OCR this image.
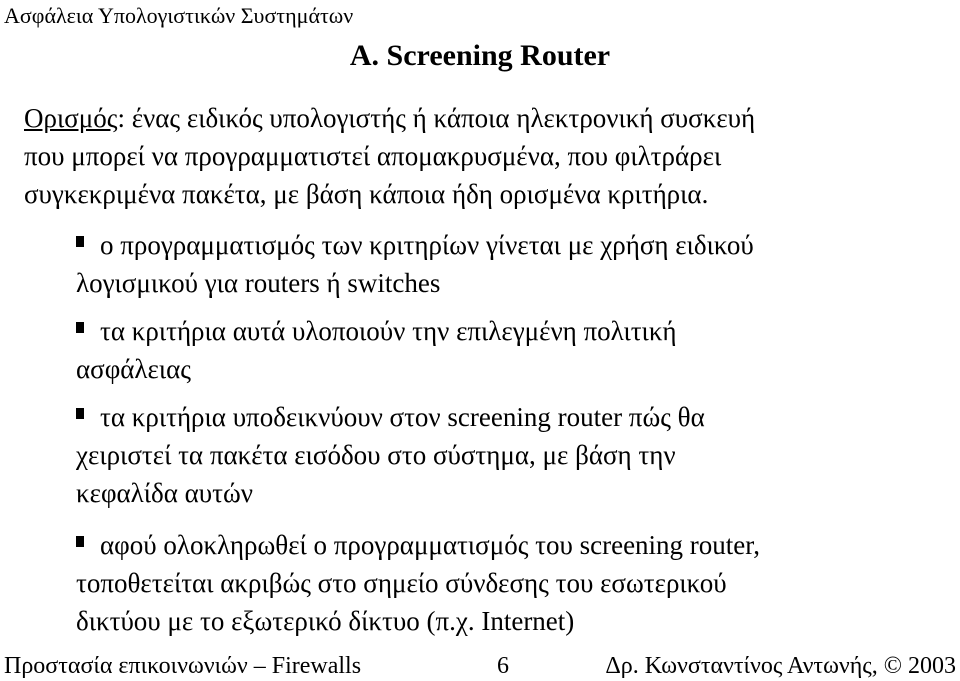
Ασφάλεια Υπολογιστικών Συστημάτων
A. Screening Router
Ορισμός: ένας ειδικός υπολογιστής ή κάποια ηλεκτρονική συσκευή
που μπορεί να προγραμματιστεί απομακρυσμένα, που φιλτράρει
συγκεκριμένα πακέτα, με βάση κάποια ήδη ορισμένα κριτήρια.
ο προγραμματισμός των κριτηρίων γίνεται με χρήση ειδικού
λογισμικού για routers ή switches
τα κριτήρια αυτά υλοποιούν την επιλεγμένη πολιτική
ασφάλειας
τα κριτήρια υποδεικνύουν στον screening router πώς θα
χειριστεί τα πακέτα εισόδου στο σύστημα, με βάση την
κεφαλίδα αυτών
αφού ολοκληρωθεί ο προγραμματισμός του screening router,
τοποθετείται ακριβώς στο σημείο σύνδεσης του εσωτερικού
δικτύου με το εξωτερικό δίκτυο (π.χ. Internet)
Προστασία επικοινωνιών – Firewalls	6	Δρ. Κωνσταντίνος Αντωνής, © 2003
